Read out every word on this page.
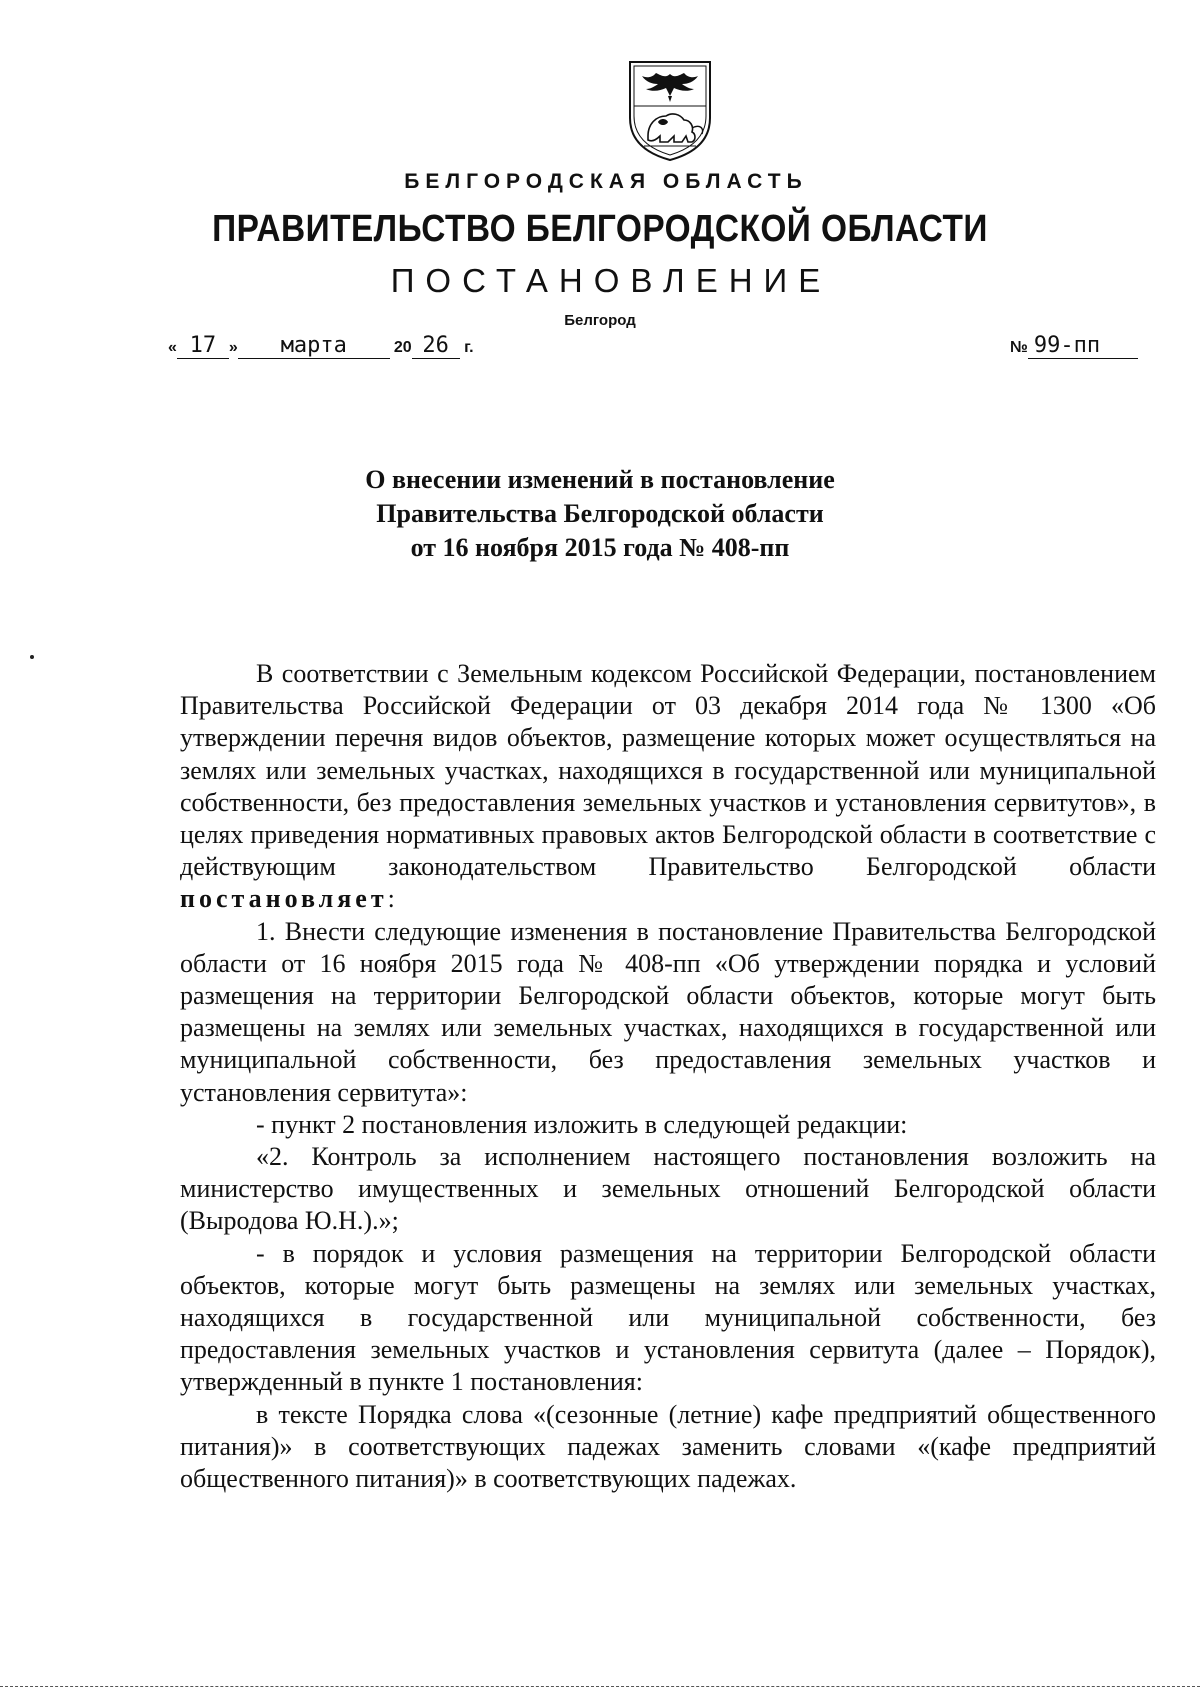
БЕЛГОРОДСКАЯ ОБЛАСТЬ
ПРАВИТЕЛЬСТВО БЕЛГОРОДСКОЙ ОБЛАСТИ
ПОСТАНОВЛЕНИЕ
Белгород
« 17 » марта	20 26 г.	№ 99-пп
О внесении изменений в постановление
Правительства Белгородской области
от 16 ноября 2015 года № 408-пп

В соответствии с Земельным кодексом Российской Федерации, постановлением Правительства Российской Федерации от 03 декабря 2014 года № 1300 «Об утверждении перечня видов объектов, размещение которых может осуществляться на землях или земельных участках, находящихся в государственной или муниципальной собственности, без предоставления земельных участков и установления сервитутов», в целях приведения нормативных правовых актов Белгородской области в соответствие с действующим законодательством Правительство Белгородской области постановляет:

1. Внести следующие изменения в постановление Правительства Белгородской области от 16 ноября 2015 года № 408-пп «Об утверждении порядка и условий размещения на территории Белгородской области объектов, которые могут быть размещены на землях или земельных участках, находящихся в государственной или муниципальной собственности, без предоставления земельных участков и установления сервитута»:

- пункт 2 постановления изложить в следующей редакции:

«2. Контроль за исполнением настоящего постановления возложить на министерство имущественных и земельных отношений Белгородской области (Выродова Ю.Н.).»;

- в порядок и условия размещения на территории Белгородской области объектов, которые могут быть размещены на землях или земельных участках, находящихся в государственной или муниципальной собственности, без предоставления земельных участков и установления сервитута (далее – Порядок), утвержденный в пункте 1 постановления:

в тексте Порядка слова «(сезонные (летние) кафе предприятий общественного питания)» в соответствующих падежах заменить словами «(кафе предприятий общественного питания)» в соответствующих падежах.
